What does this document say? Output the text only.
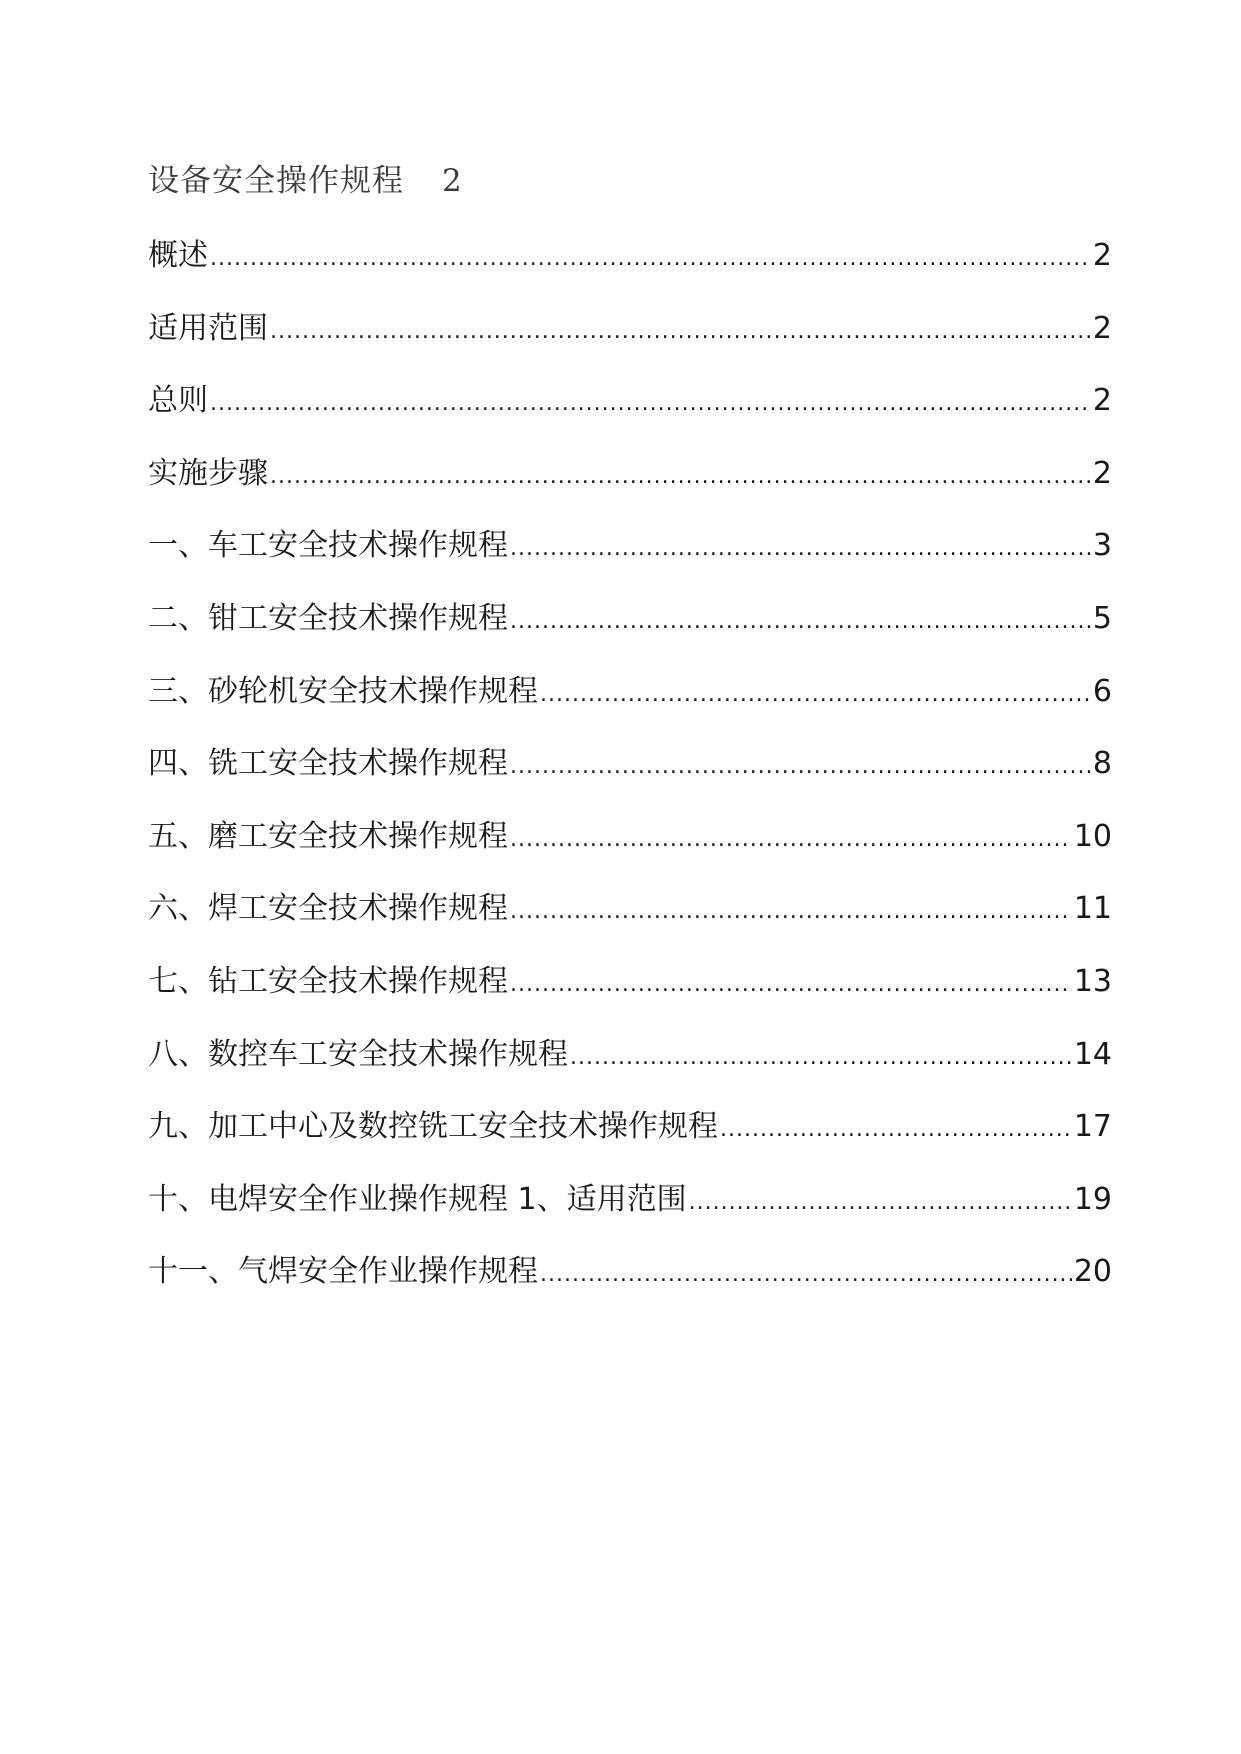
设备安全操作规程 2
概述 .....	2
适用范围 .....	2
总则 .....	2
实施步骤 .....	2
一、车工安全技术操作规程 .....	3
二、钳工安全技术操作规程 .....	5
三、砂轮机安全技术操作规程 .....	6
四、铣工安全技术操作规程 .....	8
五、磨工安全技术操作规程 .....	10
六、焊工安全技术操作规程 .....	11
七、钻工安全技术操作规程 .....	13
八、数控车工安全技术操作规程 .....	14
九、加工中心及数控铣工安全技术操作规程 .....	17
十、电焊安全作业操作规程 1、适用范围 .....	19
十一、气焊安全作业操作规程 .....	20
